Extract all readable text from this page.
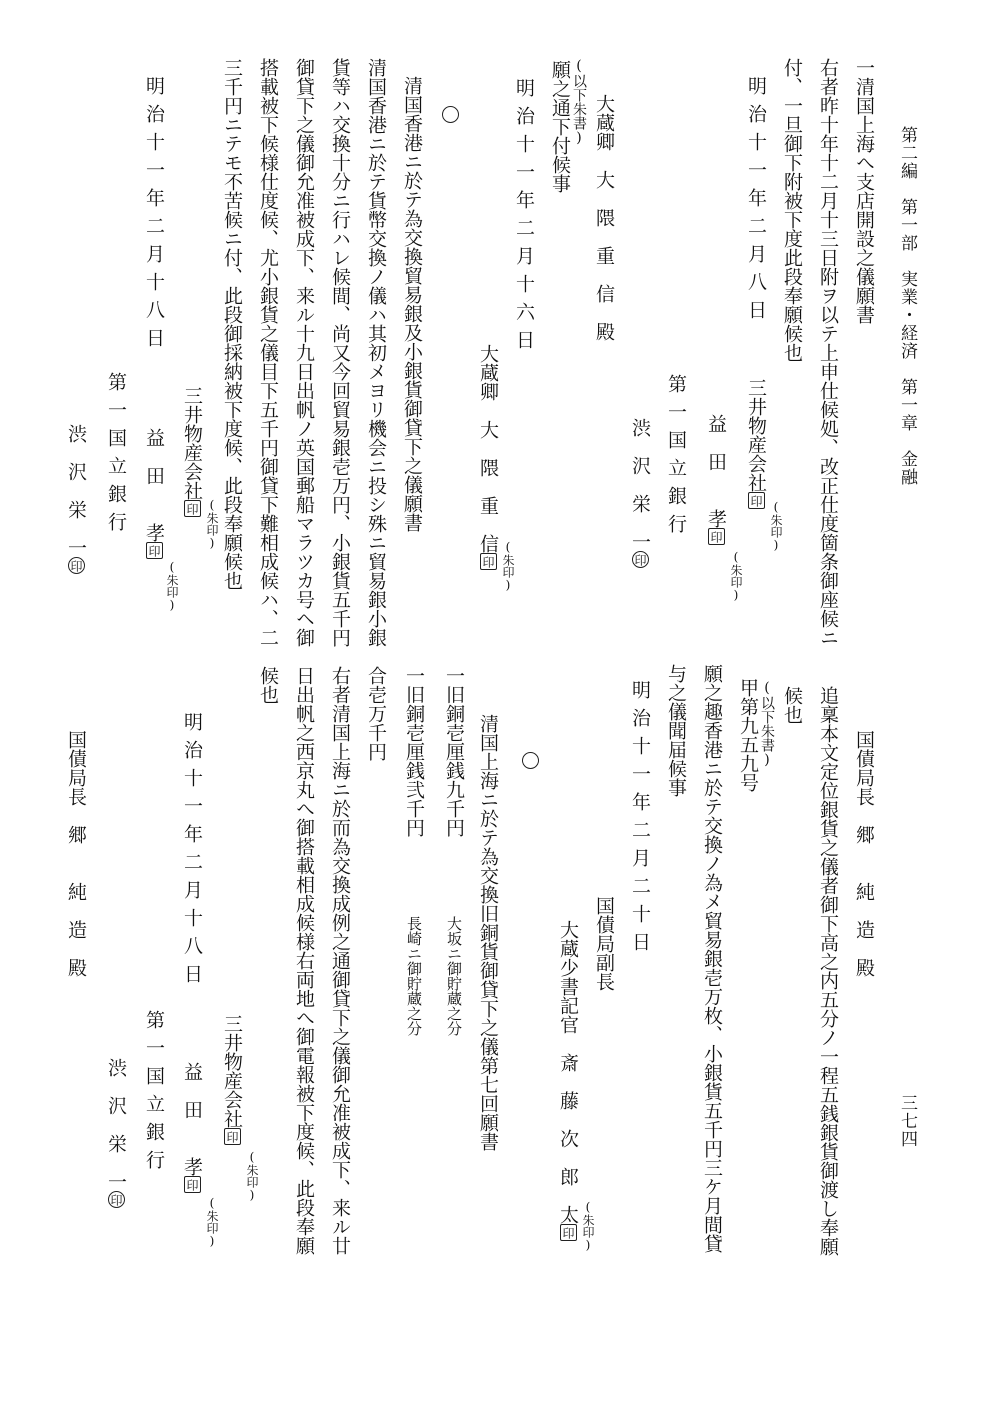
第二編　第一部　実業・経済　第一章　金融
三七四
一清国上海へ支店開設之儀願書
右者昨十年十二月十三日附ヲ以テ上申仕候処、改正仕度箇条御座候ニ
付、一旦御下附被下度此段奉願候也
明治十一年二月八日
三井物産会社印 (朱印)
益　田　　孝印
(朱印)
第一国立銀行
渋　沢　栄　一印
大蔵卿　大　隈　重　信　殿
(以下朱書)
願之通下付候事
明治十一年二月十六日
大蔵卿　大　隈　重　信印 (朱印)
清国香港ニ於テ為交換貿易銀及小銀貨御貸下之儀願書
清国香港ニ於テ貨幣交換ノ儀ハ其初メヨリ機会ニ投シ殊ニ貿易銀小銀
貨等ハ交換十分ニ行ハレ候間、尚又今回貿易銀壱万円、小銀貨五千円
御貸下之儀御允准被成下、来ル十九日出帆ノ英国郵船マラツカ号ヘ御
搭載被下候様仕度候、尤小銀貨之儀目下五千円御貸下難相成候ハ、二
三千円ニテモ不苦候ニ付、此段御採納被下度候、此段奉願候也
明治十一年二月十八日
三井物産会社印 (朱印)
益　田　　孝印
(朱印)
第一国立銀行
渋　沢　栄　一印
国債局長　郷　　純　造　殿
追稟本文定位銀貨之儀者御下高之内五分ノ一程五銭銀貨御渡し奉願
候也
(以下朱書)
甲第九五九号
願之趣香港ニ於テ交換ノ為メ貿易銀壱万枚、小銀貨五千円三ケ月間貸
与之儀聞届候事
明治十一年二月二十日
国債局副長
大蔵少書記官　斎　藤　次　郎　太印 (朱印)
清国上海ニ於テ為交換旧銅貨御貸下之儀第七回願書
一旧銅壱厘銭九千円
大坂ニ御貯蔵之分
一旧銅壱厘銭弐千円
長崎ニ御貯蔵之分
合壱万千円
右者清国上海ニ於而為交換成例之通御貸下之儀御允准被成下、来ル廿
日出帆之西京丸へ御搭載相成候様右両地へ御電報被下度候、此段奉願
候也
明治十一年二月十八日
三井物産会社印
(朱印)
益　田　　孝印
(朱印)
第一国立銀行
渋　沢　栄　一印
国債局長　郷　　純　造　殿
